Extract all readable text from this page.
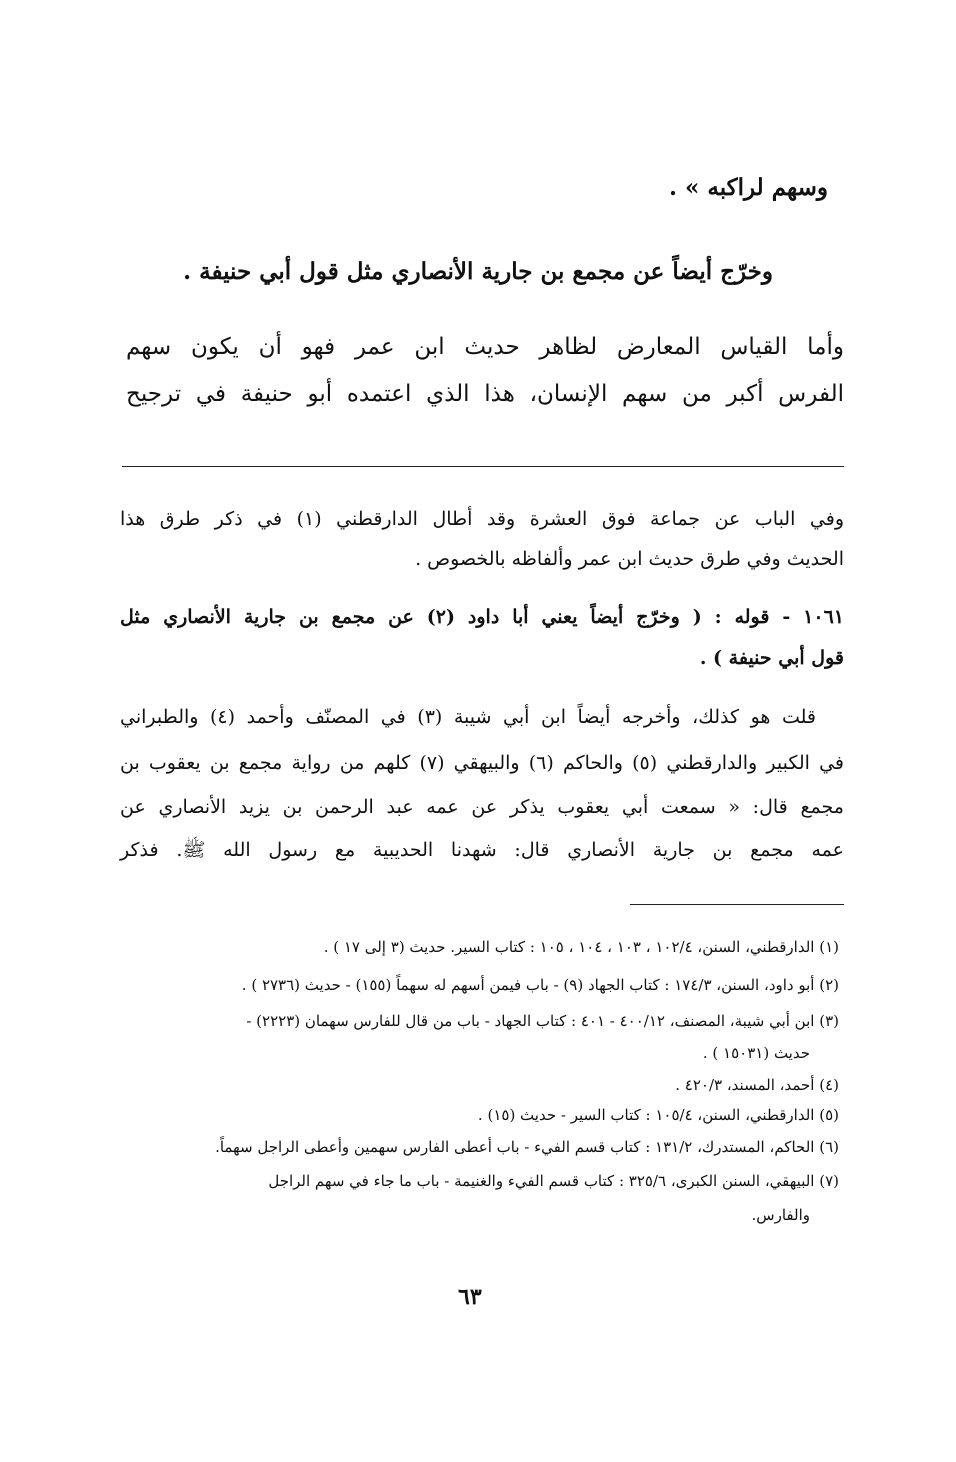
وسهم لراكبه » .
وخرّج أيضاً عن مجمع بن جارية الأنصاري مثل قول أبي حنيفة .
وأما القياس المعارض لظاهر حديث ابن عمر فهو أن يكون سهم
الفرس أكبر من سهم الإنسان، هذا الذي اعتمده أبو حنيفة في ترجيح
وفي الباب عن جماعة فوق العشرة وقد أطال الدارقطني (١) في ذكر طرق هذا
الحديث وفي طرق حديث ابن عمر وألفاظه بالخصوص .
١٠٦١ - قوله : ( وخرّج أيضاً يعني أبا داود (٢) عن مجمع بن جارية الأنصاري مثل
قول أبي حنيفة ) .
قلت هو كذلك، وأخرجه أيضاً ابن أبي شيبة (٣) في المصنّف وأحمد (٤) والطبراني
في الكبير والدارقطني (٥) والحاكم (٦) والبيهقي (٧) كلهم من رواية مجمع بن يعقوب بن
مجمع قال: « سمعت أبي يعقوب يذكر عن عمه عبد الرحمن بن يزيد الأنصاري عن
عمه مجمع بن جارية الأنصاري قال: شهدنا الحديبية مع رسول الله ﷺ. فذكر
(١) الدارقطني، السنن، ١٠٢/٤ ، ١٠٣ ، ١٠٤ ، ١٠٥ : كتاب السير. حديث (٣ إلى ١٧ ) .
(٢) أبو داود، السنن، ١٧٤/٣ : كتاب الجهاد (٩) - باب فيمن أسهم له سهماً (١٥٥) - حديث (٢٧٣٦ ) .
(٣) ابن أبي شيبة، المصنف، ٤٠٠/١٢ - ٤٠١ : كتاب الجهاد - باب من قال للفارس سهمان (٢٢٢٣) -
حديث (١٥٠٣١ ) .
(٤) أحمد، المسند، ٤٢٠/٣ .
(٥) الدارقطني، السنن، ١٠٥/٤ : كتاب السير - حديث (١٥) .
(٦) الحاكم، المستدرك، ١٣١/٢ : كتاب قسم الفيء - باب أعطى الفارس سهمين وأعطى الراجل سهماً.
(٧) البيهقي، السنن الكبرى، ٣٢٥/٦ : كتاب قسم الفيء والغنيمة - باب ما جاء في سهم الراجل
والفارس.
٦٣
